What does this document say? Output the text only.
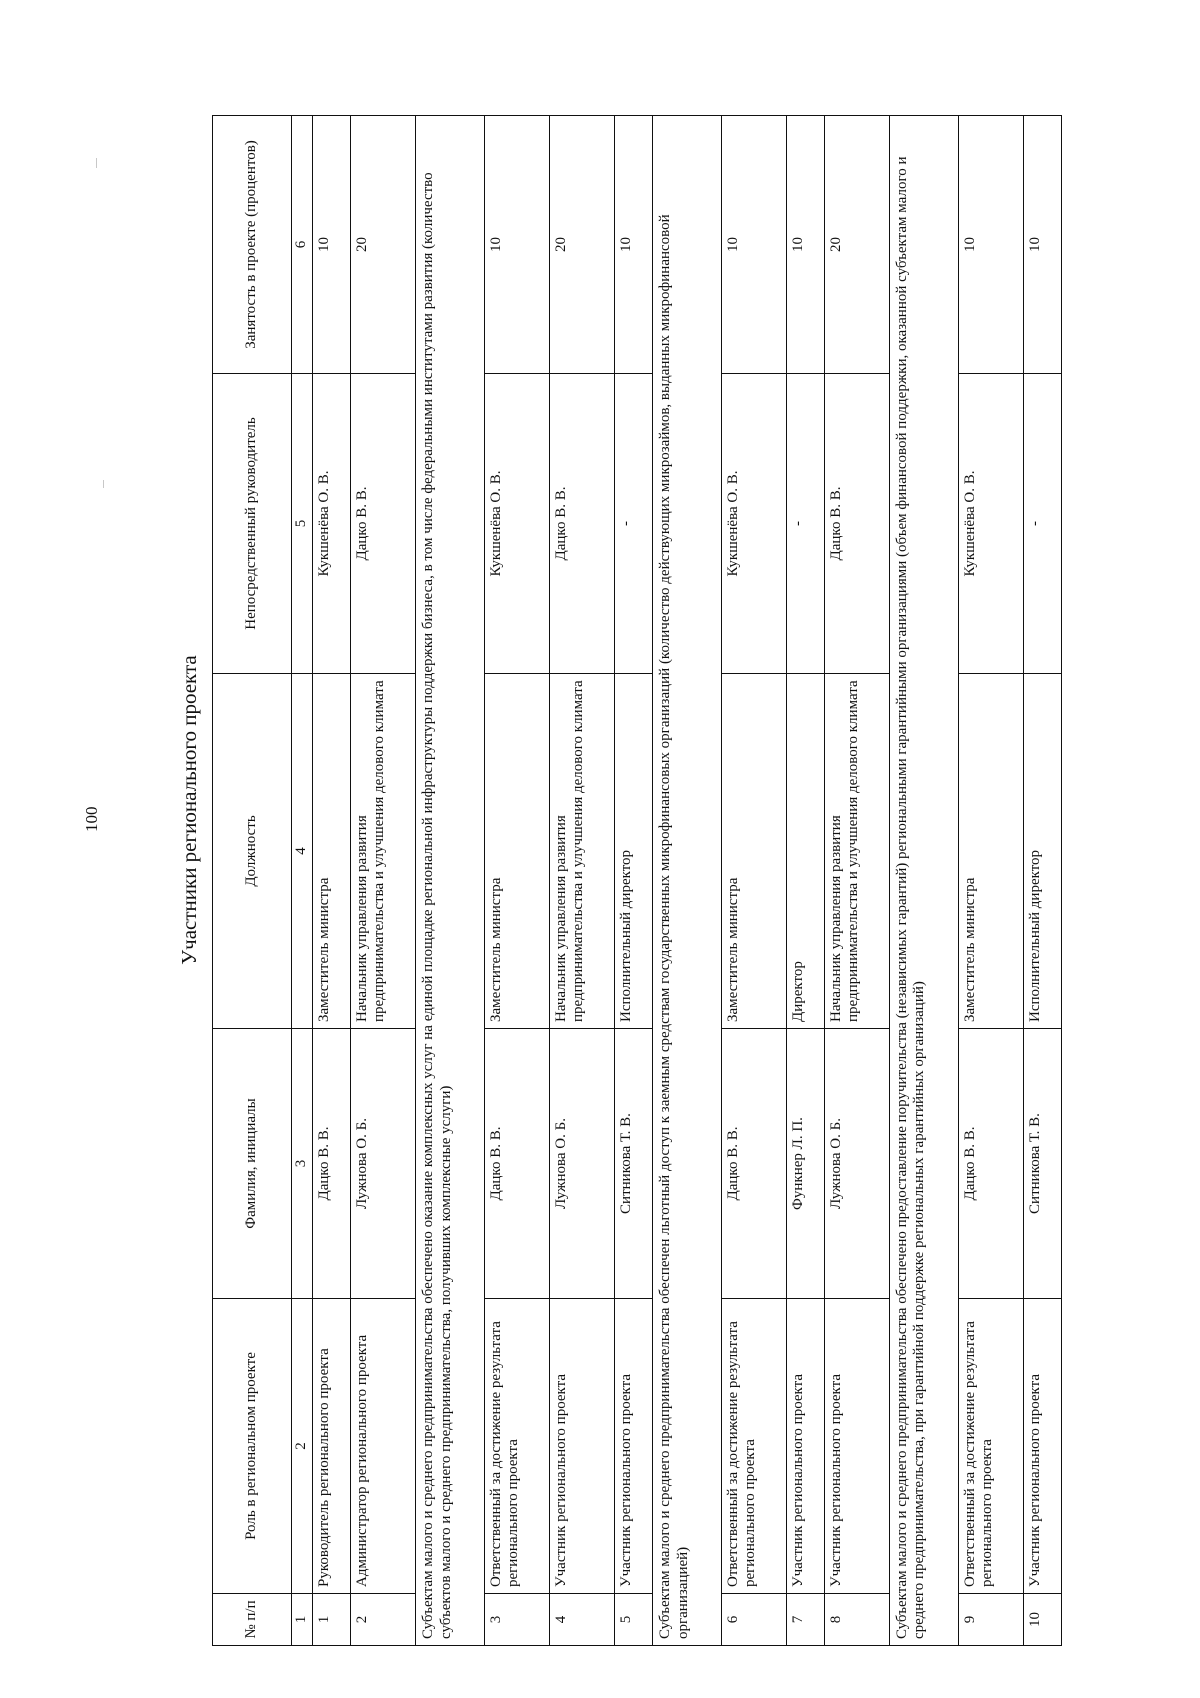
100	Участники регионального проекта
№ п/п	Роль в региональном проекте	Фамилия, инициалы	Должность	Непосредственный руководитель	Занятость в проекте (процентов)
1	2	3	4	5	6
1	Руководитель регионального проекта	Дацко В. В.	Заместитель министра	Кукшенёва О. В.	10
2	Администратор регионального проекта	Лужнова О. Б.	Начальник управления развития предпринимательства и улучшения делового климата	Дацко В. В.	20
Субъектам малого и среднего предпринимательства обеспечено оказание комплексных услуг на единой площадке региональной инфраструктуры поддержки бизнеса, в том числе федеральными институтами развития (количество субъектов малого и среднего предпринимательства, получивших комплексные услуги)					
3	Ответственный за достижение результата регионального проекта	Дацко В. В.	Заместитель министра	Кукшенёва О. В.	10
4	Участник регионального проекта	Лужнова О. Б.	Начальник управления развития предпринимательства и улучшения делового климата	Дацко В. В.	20
5	Участник регионального проекта	Ситникова Т. В.	Исполнительный директор	-	10
Субъектам малого и среднего предпринимательства обеспечен льготный доступ к заемным средствам государственных микрофинансовых организаций (количество действующих микрозаймов, выданных микрофинансовой организацией)					
6	Ответственный за достижение результата регионального проекта	Дацко В. В.	Заместитель министра	Кукшенёва О. В.	10
7	Участник регионального проекта	Функнер Л. П.	Директор	-	10
8	Участник регионального проекта	Лужнова О. Б.	Начальник управления развития предпринимательства и улучшения делового климата	Дацко В. В.	20
Субъектам малого и среднего предпринимательства обеспечено предоставление поручительства (независимых гарантий) региональными гарантийными организациями (объем финансовой поддержки, оказанной субъектам малого и среднего предпринимательства, при гарантийной поддержке региональных гарантийных организаций)					
9	Ответственный за достижение результата регионального проекта	Дацко В. В.	Заместитель министра	Кукшенёва О. В.	10
10	Участник регионального проекта	Ситникова Т. В.	Исполнительный директор	-	10
